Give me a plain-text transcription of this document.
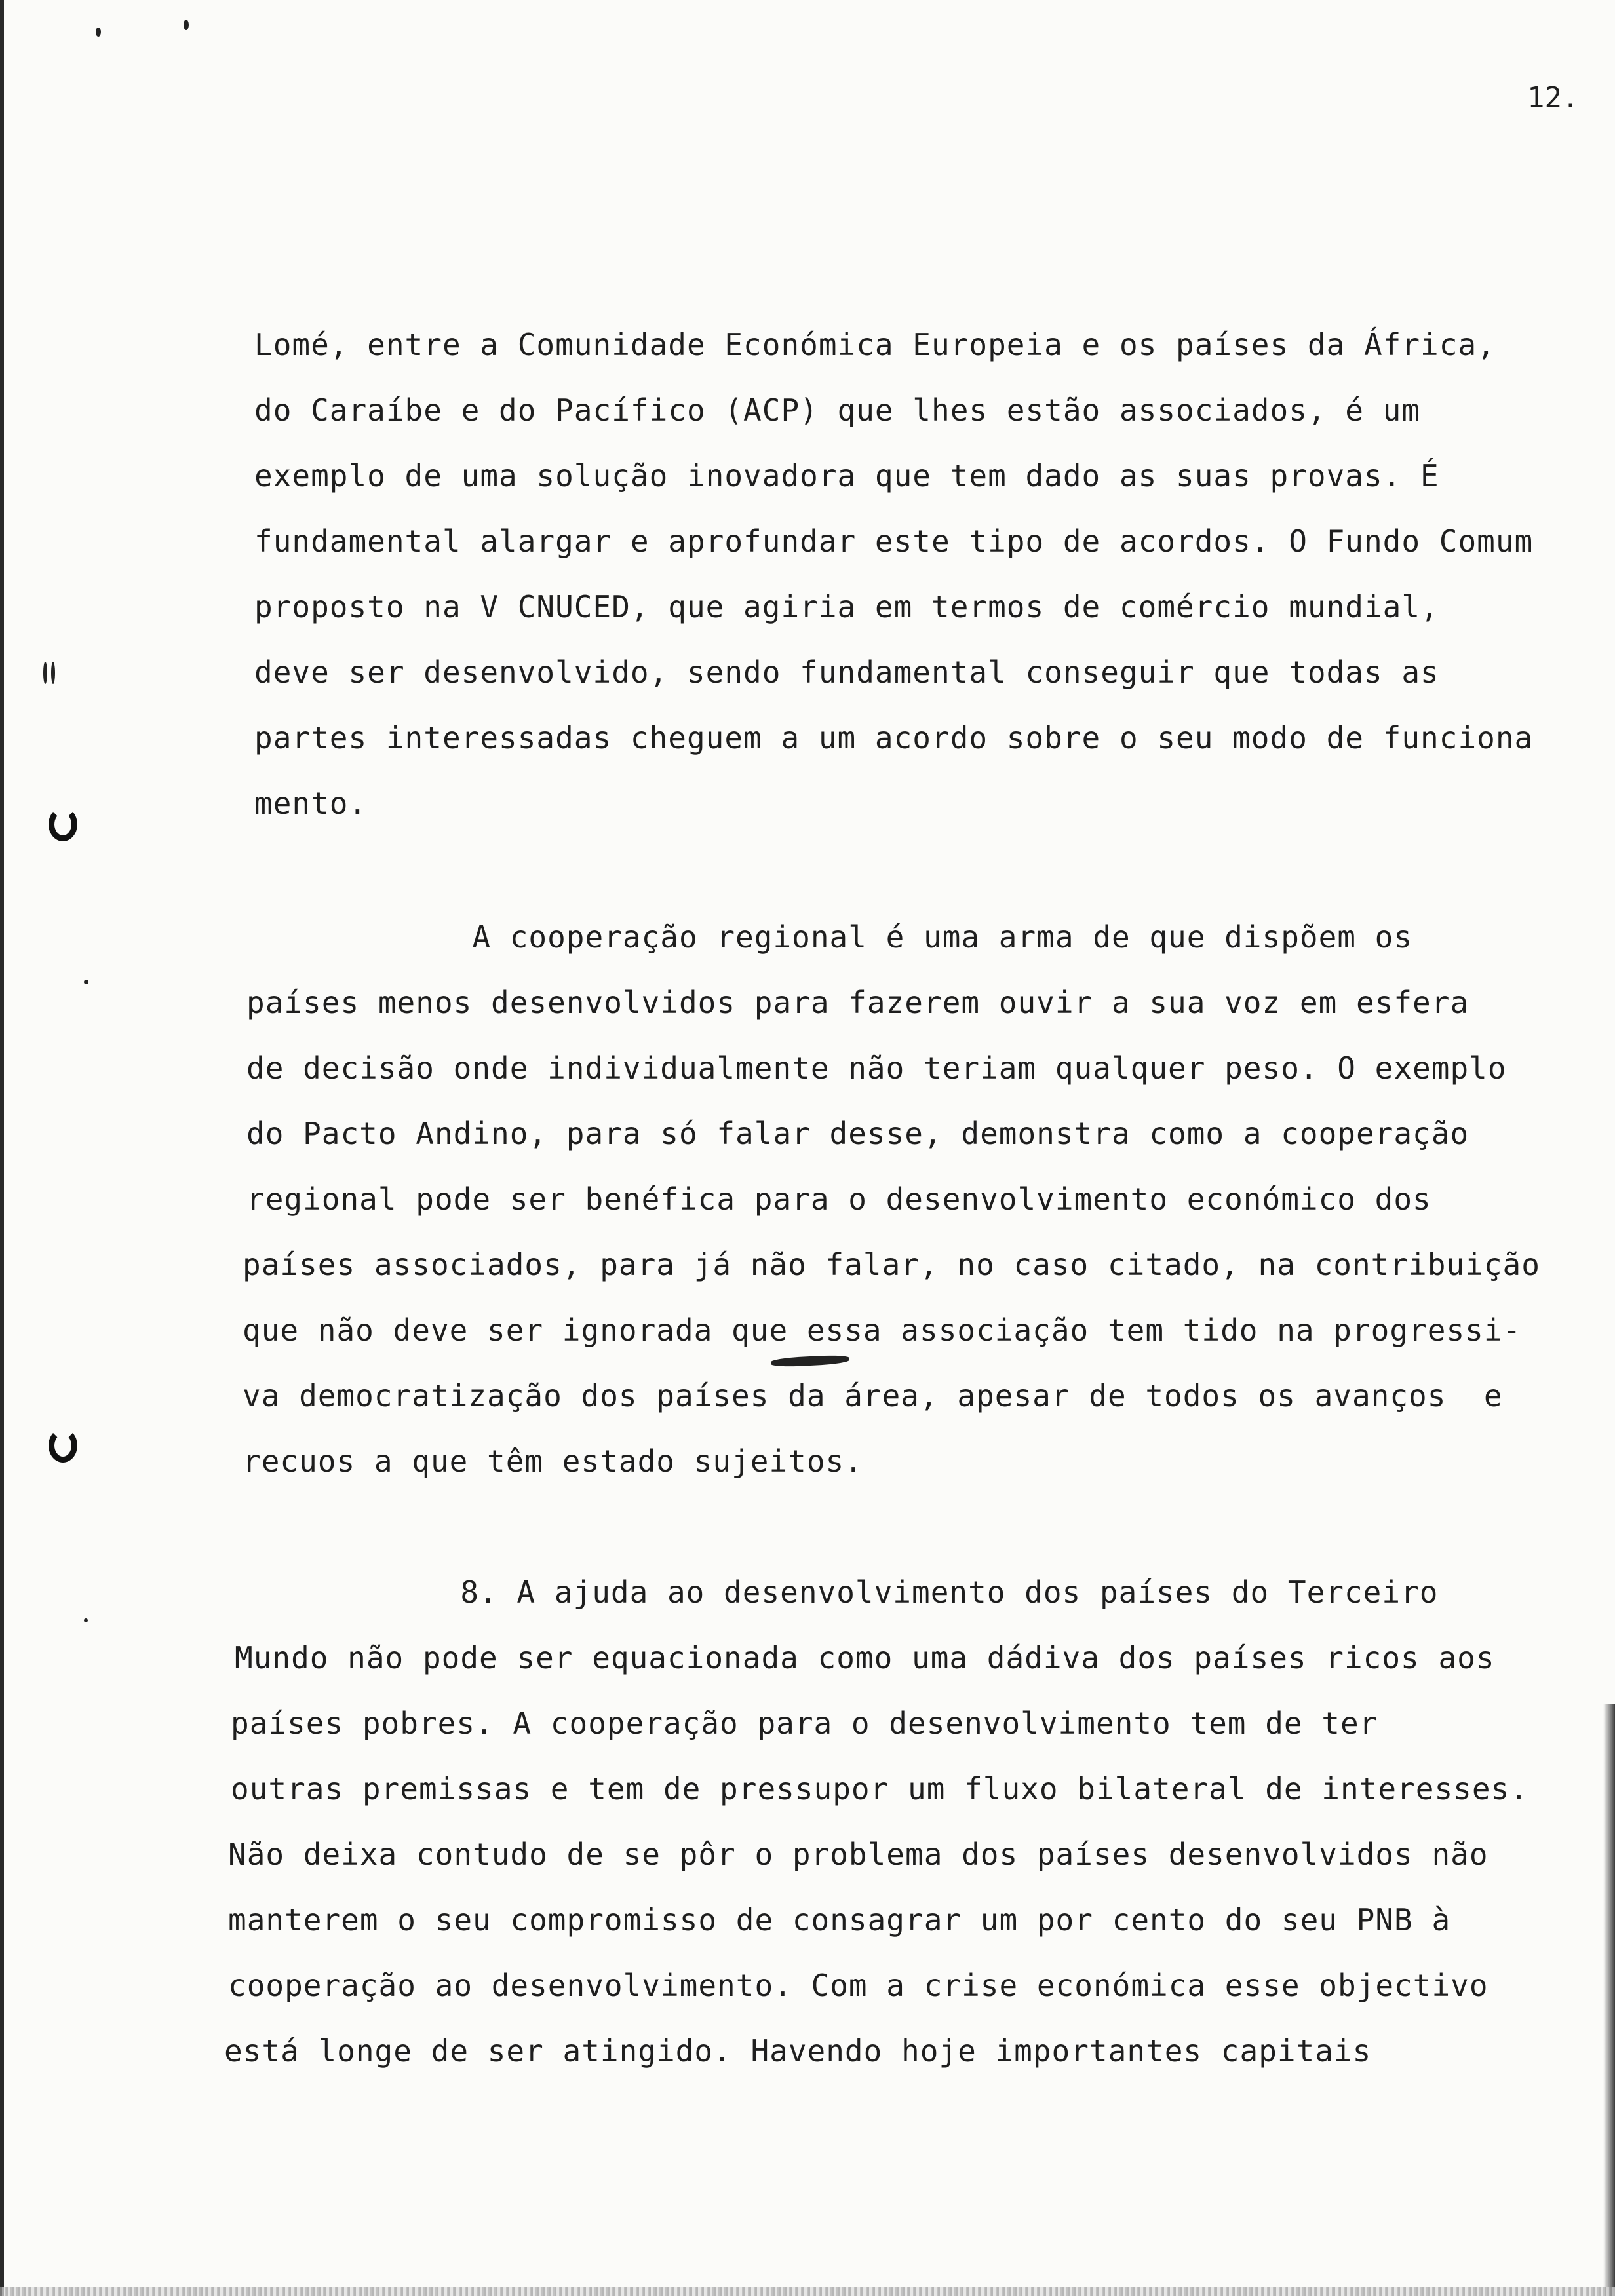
12.
Lomé, entre a Comunidade Económica Europeia e os países da África,
do Caraíbe e do Pacífico (ACP) que lhes estão associados, é um
exemplo de uma solução inovadora que tem dado as suas provas. É
fundamental alargar e aprofundar este tipo de acordos. O Fundo Comum
proposto na V CNUCED, que agiria em termos de comércio mundial,
deve ser desenvolvido, sendo fundamental conseguir que todas as
partes interessadas cheguem a um acordo sobre o seu modo de funciona
mento.
A cooperação regional é uma arma de que dispõem os
países menos desenvolvidos para fazerem ouvir a sua voz em esfera
de decisão onde individualmente não teriam qualquer peso. O exemplo
do Pacto Andino, para só falar desse, demonstra como a cooperação
regional pode ser benéfica para o desenvolvimento económico dos
países associados, para já não falar, no caso citado, na contribuição
que não deve ser ignorada que essa associação tem tido na progressi-
va democratização dos países da área, apesar de todos os avanços  e
recuos a que têm estado sujeitos.
8. A ajuda ao desenvolvimento dos países do Terceiro
Mundo não pode ser equacionada como uma dádiva dos países ricos aos
países pobres. A cooperação para o desenvolvimento tem de ter
outras premissas e tem de pressupor um fluxo bilateral de interesses.
Não deixa contudo de se pôr o problema dos países desenvolvidos não
manterem o seu compromisso de consagrar um por cento do seu PNB à
cooperação ao desenvolvimento. Com a crise económica esse objectivo
está longe de ser atingido. Havendo hoje importantes capitais
